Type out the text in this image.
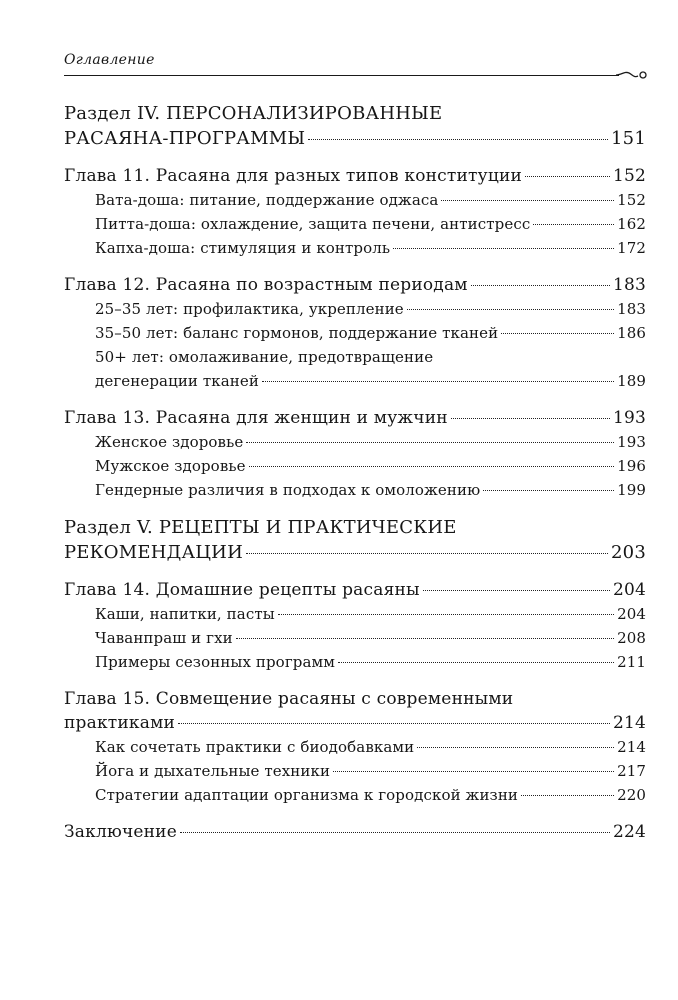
Оглавление
Раздел IV. ПЕРСОНАЛИЗИРОВАННЫЕ
РАСАЯНА-ПРОГРАММЫ	151
Глава 11. Расаяна для разных типов конституции	152
Вата-доша: питание, поддержание оджаса	152
Питта-доша: охлаждение, защита печени, антистресс	162
Капха-доша: стимуляция и контроль	172
Глава 12. Расаяна по возрастным периодам	183
25–35 лет: профилактика, укрепление	183
35–50 лет: баланс гормонов, поддержание тканей	186
50+ лет: омолаживание, предотвращение
дегенерации тканей	189
Глава 13. Расаяна для женщин и мужчин	193
Женское здоровье	193
Мужское здоровье	196
Гендерные различия в подходах к омоложению	199
Раздел V. РЕЦЕПТЫ И ПРАКТИЧЕСКИЕ
РЕКОМЕНДАЦИИ	203
Глава 14. Домашние рецепты расаяны	204
Каши, напитки, пасты	204
Чаванпраш и гхи	208
Примеры сезонных программ	211
Глава 15. Совмещение расаяны с современными
практиками	214
Как сочетать практики с биодобавками	214
Йога и дыхательные техники	217
Стратегии адаптации организма к городской жизни	220
Заключение	224
